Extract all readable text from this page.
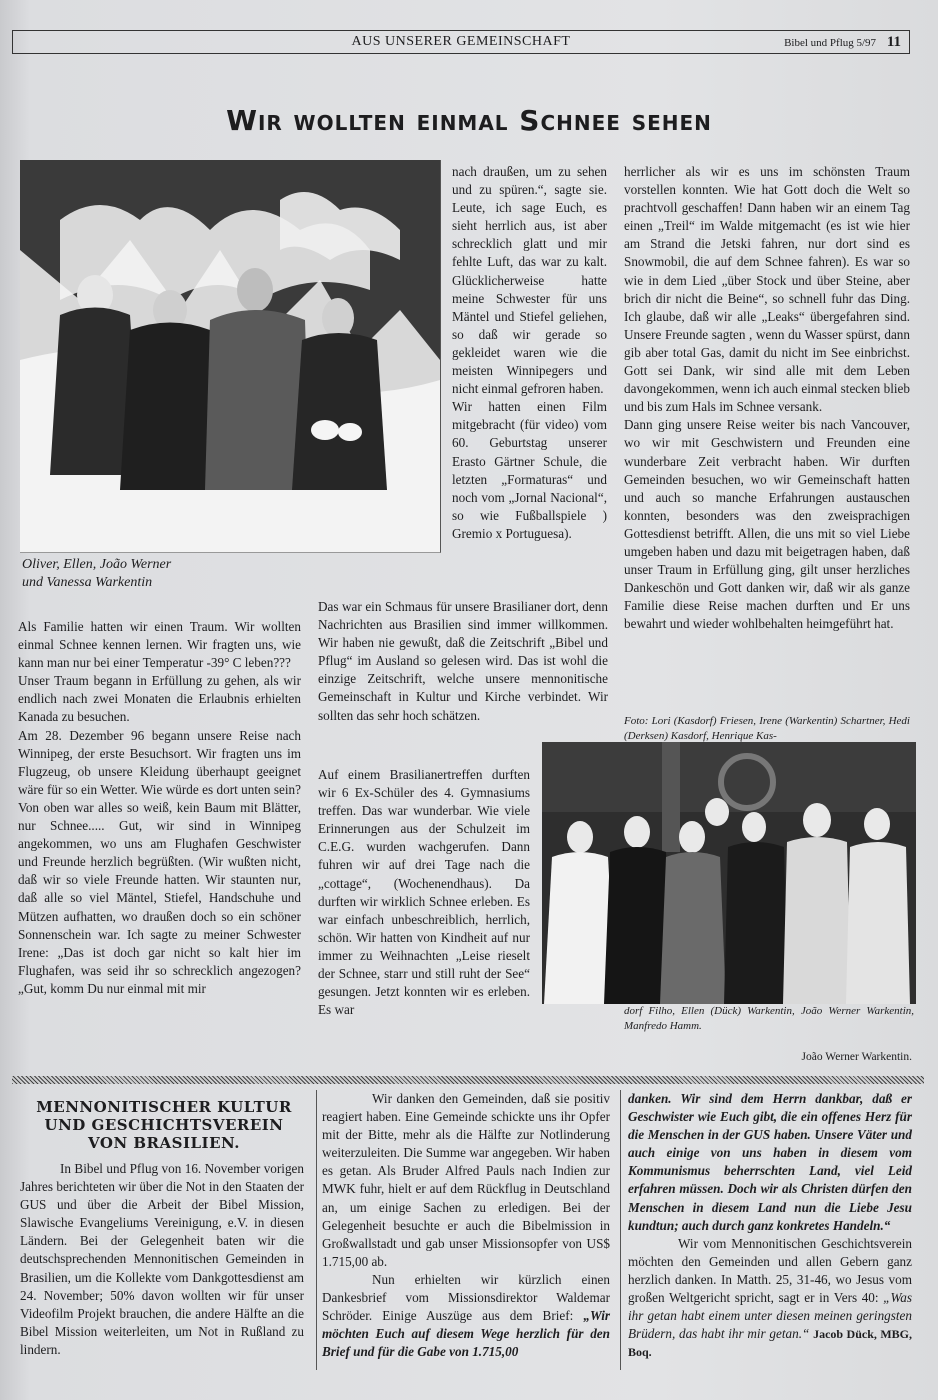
AUS UNSERER GEMEINSCHAFT	Bibel und Pflug 5/97 11
Wir wollten einmal Schnee sehen
Oliver, Ellen, João Werner
und Vanessa Warkentin

Als Familie hatten wir einen Traum. Wir wollten einmal Schnee kennen lernen. Wir fragten uns, wie kann man nur bei einer Temperatur -39° C leben???

Unser Traum begann in Erfüllung zu gehen, als wir endlich nach zwei Monaten die Erlaubnis erhielten Kanada zu besuchen.

Am 28. Dezember 96 begann unsere Reise nach Winnipeg, der erste Besuchsort. Wir fragten uns im Flugzeug, ob unsere Kleidung überhaupt geeignet wäre für so ein Wetter. Wie würde es dort unten sein? Von oben war alles so weiß, kein Baum mit Blätter, nur Schnee..... Gut, wir sind in Winnipeg angekommen, wo uns am Flughafen Geschwister und Freunde herzlich begrüßten. (Wir wußten nicht, daß wir so viele Freunde hatten. Wir staunten nur, daß alle so viel Mäntel, Stiefel, Handschuhe und Mützen aufhatten, wo draußen doch so ein schöner Sonnenschein war. Ich sagte zu meiner Schwester Irene: „Das ist doch gar nicht so kalt hier im Flughafen, was seid ihr so schrecklich angezogen? „Gut, komm Du nur einmal mit mir

nach draußen, um zu sehen und zu spüren.“, sagte sie. Leute, ich sage Euch, es sieht herrlich aus, ist aber schrecklich glatt und mir fehlte Luft, das war zu kalt. Glücklicherweise hatte meine Schwester für uns Mäntel und Stiefel geliehen, so daß wir gerade so gekleidet waren wie die meisten Winnipegers und nicht einmal gefroren haben.

Wir hatten einen Film mitgebracht (für video) vom 60. Geburtstag unserer Erasto Gärtner Schule, die letzten „Formaturas“ und noch vom „Jornal Nacional“, so wie Fußballspiele ) Gremio x Portuguesa).

Das war ein Schmaus für unsere Brasilianer dort, denn Nachrichten aus Brasilien sind immer willkommen. Wir haben nie gewußt, daß die Zeitschrift „Bibel und Pflug“ im Ausland so gelesen wird. Das ist wohl die einzige Zeitschrift, welche unsere mennonitische Gemeinschaft in Kultur und Kirche verbindet. Wir sollten das sehr hoch schätzen.

Auf einem Brasilianertreffen durften wir 6 Ex-Schüler des 4. Gymnasiums treffen. Das war wunderbar. Wie viele Erinnerungen aus der Schulzeit im C.E.G. wurden wachgerufen. Dann fuhren wir auf drei Tage nach die „cottage“, (Wochenendhaus). Da durften wir wirklich Schnee erleben. Es war einfach unbeschreiblich, herrlich, schön. Wir hatten von Kindheit auf nur immer zu Weihnachten „Leise rieselt der Schnee, starr und still ruht der See“ gesungen. Jetzt konnten wir es erleben. Es war

herrlicher als wir es uns im schönsten Traum vorstellen konnten. Wie hat Gott doch die Welt so prachtvoll geschaffen! Dann haben wir an einem Tag einen „Treil“ im Walde mitgemacht (es ist wie hier am Strand die Jetski fahren, nur dort sind es Snowmobil, die auf dem Schnee fahren). Es war so wie in dem Lied „über Stock und über Steine, aber brich dir nicht die Beine“, so schnell fuhr das Ding. Ich glaube, daß wir alle „Leaks“ übergefahren sind. Unsere Freunde sagten , wenn du Wasser spürst, dann gib aber total Gas, damit du nicht im See einbrichst. Gott sei Dank, wir sind alle mit dem Leben davongekommen, wenn ich auch einmal stecken blieb und bis zum Hals im Schnee versank.

Dann ging unsere Reise weiter bis nach Vancouver, wo wir mit Geschwistern und Freunden eine wunderbare Zeit verbracht haben. Wir durften Gemeinden besuchen, wo wir Gemeinschaft hatten und auch so manche Erfahrungen austauschen konnten, besonders was den zweisprachigen Gottesdienst betrifft. Allen, die uns mit so viel Liebe umgeben haben und dazu mit beigetragen haben, daß unser Traum in Erfüllung ging, gilt unser herzliches Dankeschön und Gott danken wir, daß wir als ganze Familie diese Reise machen durften und Er uns bewahrt und wieder wohlbehalten heimgeführt hat.

Foto: Lori (Kasdorf) Friesen, Irene (Warkentin) Schartner, Hedi (Derksen) Kasdorf, Henrique Kas-
dorf Filho, Ellen (Dück) Warkentin, João Werner Warkentin, Manfredo Hamm.
João Werner Warkentin.
MENNONITISCHER KULTUR
UND GESCHICHTSVEREIN
VON BRASILIEN.

In Bibel und Pflug von 16. November vorigen Jahres berichteten wir über die Not in den Staaten der GUS und über die Arbeit der Bibel Mission, Slawische Evangeliums Vereinigung, e.V. in diesen Ländern. Bei der Gelegenheit baten wir die deutschsprechenden Mennonitischen Gemeinden in Brasilien, um die Kollekte vom Dankgottesdienst am 24. November; 50% davon wollten wir für unser Videofilm Projekt brauchen, die andere Hälfte an die Bibel Mission weiterleiten, um Not in Rußland zu lindern.

Wir danken den Gemeinden, daß sie positiv reagiert haben. Eine Gemeinde schickte uns ihr Opfer mit der Bitte, mehr als die Hälfte zur Notlinderung weiterzuleiten. Die Summe war angegeben. Wir haben es getan. Als Bruder Alfred Pauls nach Indien zur MWK fuhr, hielt er auf dem Rückflug in Deutschland an, um einige Sachen zu erledigen. Bei der Gelegenheit besuchte er auch die Bibelmission in Großwallstadt und gab unser Missionsopfer von US$ 1.715,00 ab.

Nun erhielten wir kürzlich einen Dankesbrief vom Missionsdirektor Waldemar Schröder. Einige Auszüge aus dem Brief: „Wir möchten Euch auf diesem Wege herzlich für den Brief und für die Gabe von 1.715,00

danken. Wir sind dem Herrn dankbar, daß er Geschwister wie Euch gibt, die ein offenes Herz für die Menschen in der GUS haben. Unsere Väter und auch einige von uns haben in diesem vom Kommunismus beherrschten Land, viel Leid erfahren müssen. Doch wir als Christen dürfen den Menschen in diesem Land nun die Liebe Jesu kundtun; auch durch ganz konkretes Handeln.“

Wir vom Mennonitischen Geschichtsverein möchten den Gemeinden und allen Gebern ganz herzlich danken. In Matth. 25, 31-46, wo Jesus vom großen Weltgericht spricht, sagt er in Vers 40: „Was ihr getan habt einem unter diesen meinen geringsten Brüdern, das habt ihr mir getan.“ Jacob Dück, MBG, Boq.
